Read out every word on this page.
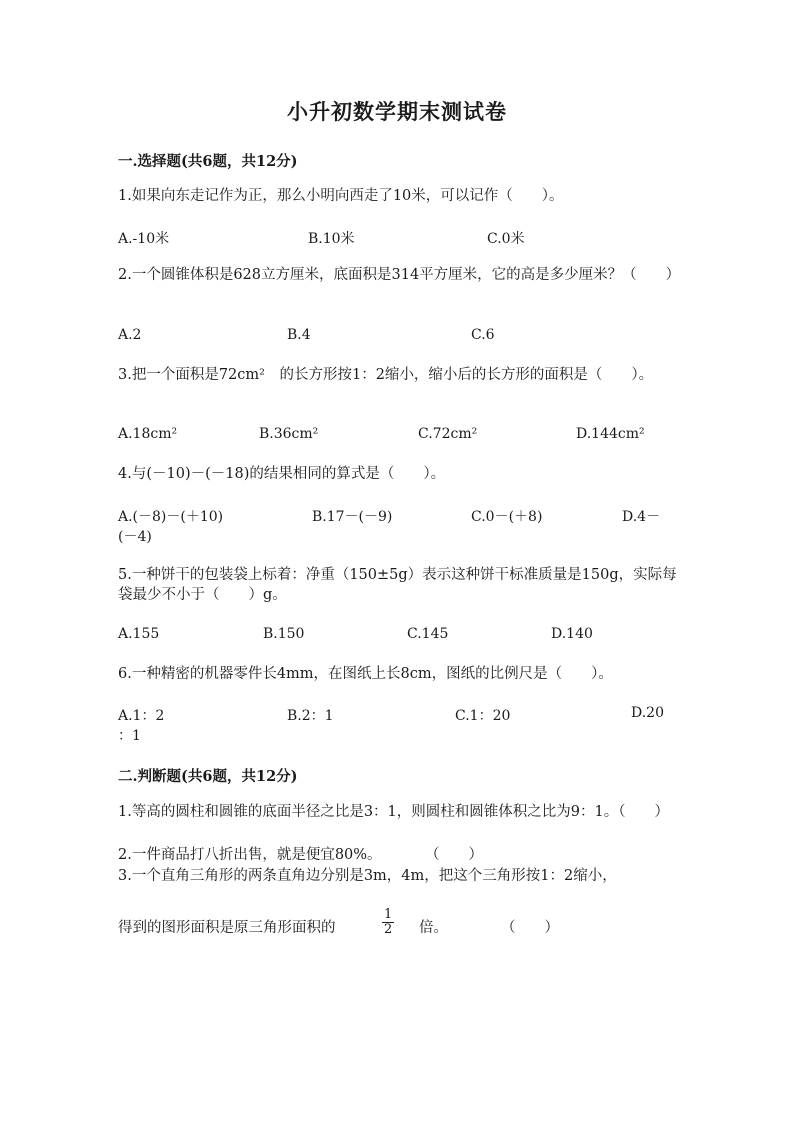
小升初数学期末测试卷
一.选择题(共6题，共12分)
1.如果向东走记作为正，那么小明向西走了10米，可以记作（　　）。
A.-10米	B.10米	C.0米
2.一个圆锥体积是628立方厘米，底面积是314平方厘米，它的高是多少厘米？（　　）
A.2	B.4	C.6
3.把一个面积是72cm²　的长方形按1：2缩小，缩小后的长方形的面积是（　　）。
A.18cm²	B.36cm²	C.72cm²	D.144cm²
4.与(－10)－(－18)的结果相同的算式是（　　）。
A.(－8)－(＋10)	B.17－(－9)	C.0－(＋8)	D.4－
(－4)
5.一种饼干的包装袋上标着：净重（150±5g）表示这种饼干标准质量是150g，实际每袋最少不小于（　　）g。
A.155	B.150	C.145	D.140
6.一种精密的机器零件长4mm，在图纸上长8cm，图纸的比例尺是（　　）。
A.1：2	B.2：1	C.1：20	D.20
：1
二.判断题(共6题，共12分)
1.等高的圆柱和圆锥的底面半径之比是3：1，则圆柱和圆锥体积之比为9：1。（　　）
2.一件商品打八折出售，就是便宜80%。　　　　（　　）
3.一个直角三角形的两条直角边分别是3m，4m，把这个三角形按1：2缩小，
得到的图形面积是原三角形面积的	$\frac{1}{2}$ 倍。	（　　）
